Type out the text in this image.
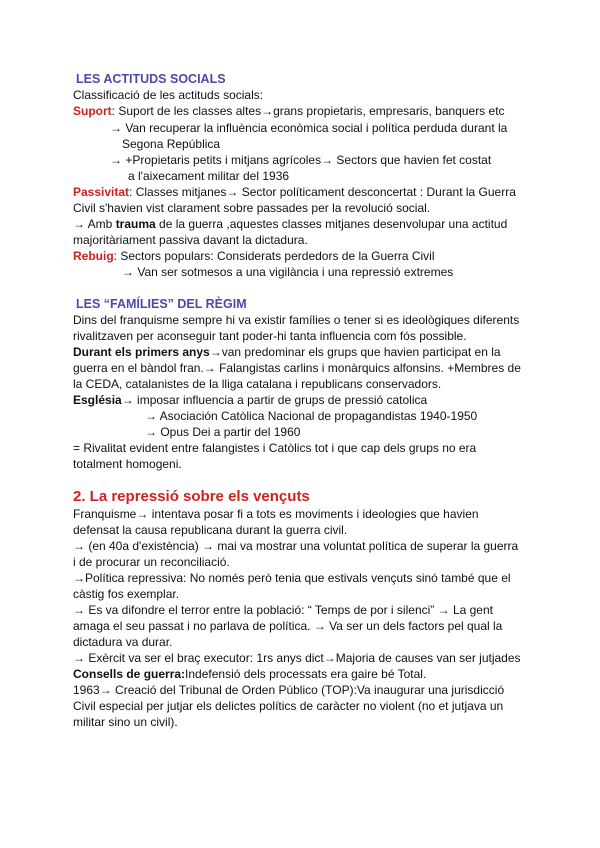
LES ACTITUDS SOCIALS
Classificació de les actituds socials:
Suport: Suport de les classes altes→grans propietaris, empresaris, banquers etc
→ Van recuperar la influència econòmica social i política perduda durant la
Segona República
→ +Propietaris petits i mitjans agrícoles→ Sectors que havien fet costat
a l'aixecament militar del 1936
Passivitat: Classes mitjanes→ Sector políticament desconcertat : Durant la Guerra
Civil s'havien vist clarament sobre passades per la revolució social.
→ Amb trauma de la guerra ,aquestes classes mitjanes desenvolupar una actitud
majoritàriament passiva davant la dictadura.
Rebuig: Sectors populars: Considerats perdedors de la Guerra Civil
→ Van ser sotmesos a una vigilància i una repressió extremes
LES “FAMÍLIES” DEL RÈGIM
Dins del franquisme sempre hi va existir famílies o tener si es ideològiques diferents
rivalitzaven per aconseguir tant poder-hi tanta influencia com fós possible.
Durant els primers anys→van predominar els grups que havien participat en la
guerra en el bàndol fran.→ Falangistas carlins i monàrquics alfonsins. +Membres de
la CEDA, catalanistes de la lliga catalana i republicans conservadors.
Església→ imposar influencia a partir de grups de pressió catolica
→ Asociación Catòlica Nacional de propagandistas 1940-1950
→ Opus Dei a partir del 1960
= Rivalitat evident entre falangistes i Catòlics tot i que cap dels grups no era
totalment homogeni.
2. La repressió sobre els vençuts
Franquisme→ intentava posar fi a tots es moviments i ideologies que havien
defensat la causa republicana durant la guerra civil.
→ (en 40a d'existència) → mai va mostrar una voluntat política de superar la guerra
i de procurar un reconciliació.
→Política repressiva: No només però tenia que estivals vençuts sinó també que el
càstig fos exemplar.
→ Es va difondre el terror entre la població: “ Temps de por i silenci” → La gent
amaga el seu passat i no parlava de política. → Va ser un dels factors pel qual la
dictadura va durar.
→ Exèrcit va ser el braç executor: 1rs anys dict→Majoria de causes van ser jutjades
Consells de guerra:Indefensió dels processats era gaire bé Total.
1963→ Creació del Tribunal de Orden Público (TOP):Va inaugurar una jurisdicció
Civil especial per jutjar els delictes polítics de caràcter no violent (no et jutjava un
militar sino un civil).
